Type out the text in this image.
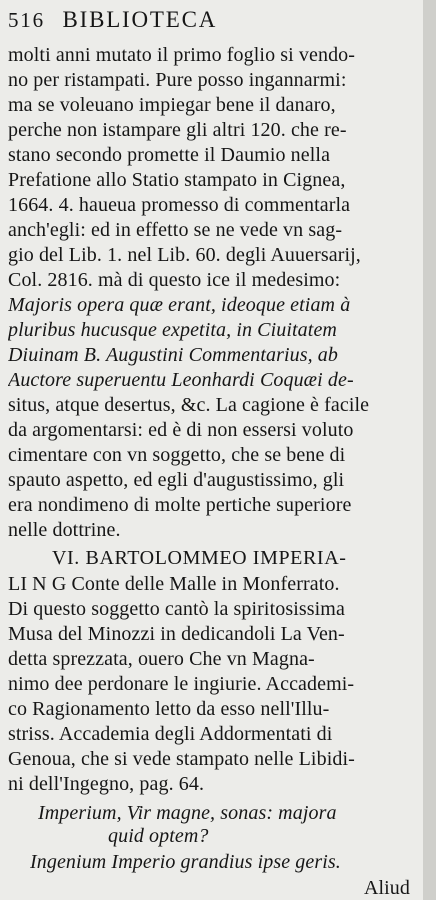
516 BIBLIOTECA
molti anni mutato il primo foglio si vendo-
no per ristampati. Pure posso ingannarmi:
ma se voleuano impiegar bene il danaro,
perche non istampare gli altri 120. che re-
stano secondo promette il Daumio nella
Prefatione allo Statio stampato in Cignea,
1664. 4. haueua promesso di commentarla
anch'egli: ed in effetto se ne vede vn sag-
gio del Lib. 1. nel Lib. 60. degli Auuersarij,
Col. 2816. mà di questo ice il medesimo:
Majoris opera quæ erant, ideoque etiam à
pluribus hucusque expetita, in Ciuitatem
Diuinam B. Augustini Commentarius, ab
Auctore superuentu Leonhardi Coquæi de-
situs, atque desertus, &c. La cagione è facile
da argomentarsi: ed è di non essersi voluto
cimentare con vn soggetto, che se bene di
spauto aspetto, ed egli d'augustissimo, gli
era nondimeno di molte pertiche superiore
nelle dottrine.
VI. BARTOLOMMEO IMPERIA-
LI N G Conte delle Malle in Monferrato.
Di questo soggetto cantò la spiritosissima
Musa del Minozzi in dedicandoli La Ven-
detta sprezzata, ouero Che vn Magna-
nimo dee perdonare le ingiurie. Accademi-
co Ragionamento letto da esso nell'Illu-
striss. Accademia degli Addormentati di
Genoua, che si vede stampato nelle Libidi-
ni dell'Ingegno, pag. 64.
Imperium, Vir magne, sonas: majora
quid optem?
Ingenium Imperio grandius ipse geris.
Aliud
